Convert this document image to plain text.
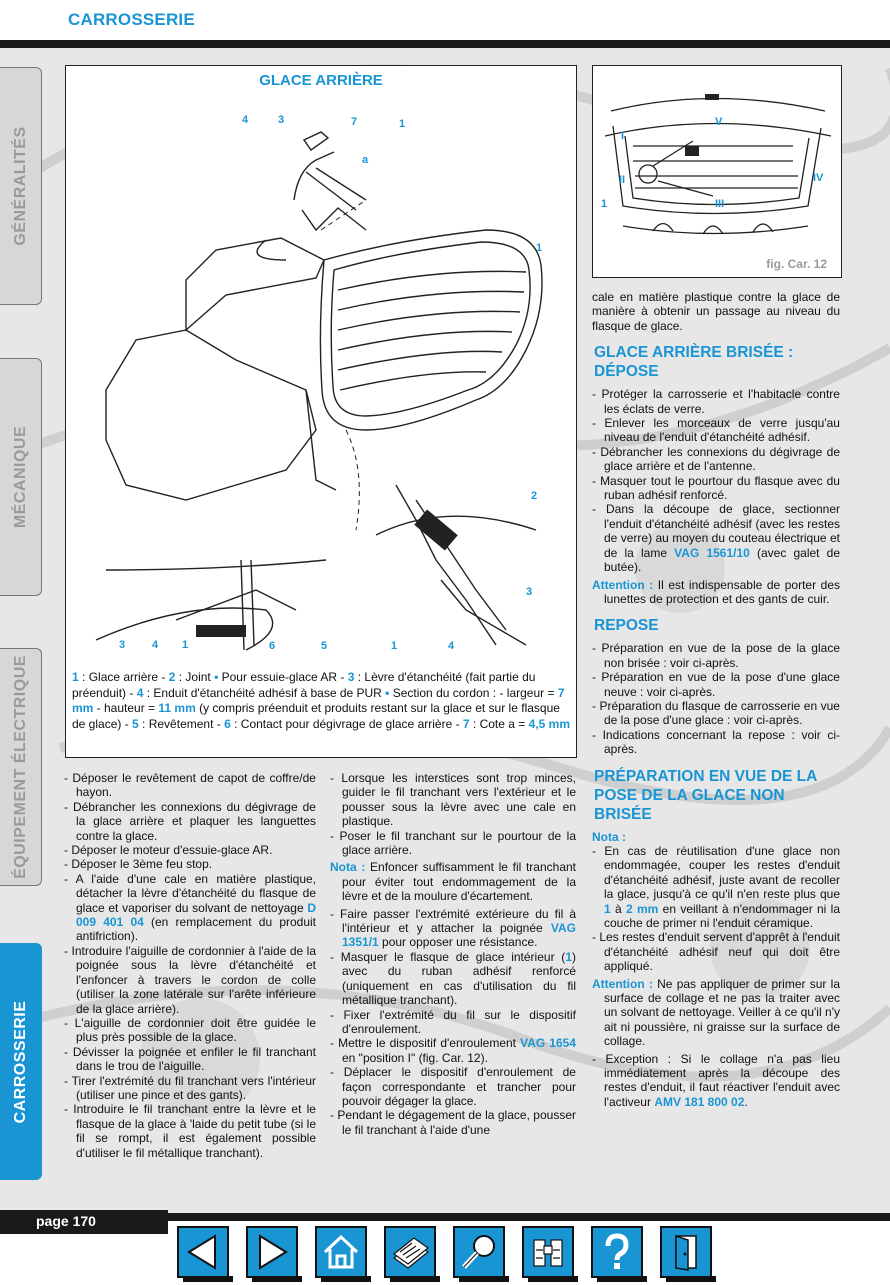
CARROSSERIE
GÉNÉRALITÉS
MÉCANIQUE
ÉQUIPEMENT ÉLECTRIQUE
CARROSSERIE
GLACE ARRIÈRE
4	3	7	1
a
1
2
3
3 4 1	6	5	1	4
1 : Glace arrière - 2 : Joint • Pour essuie-glace AR - 3 : Lèvre d'étanchéité (fait partie du préenduit) - 4 : Enduit d'étanchéité adhésif à base de PUR • Section du cordon : - largeur = 7 mm - hauteur = 11 mm (y compris préenduit et produits restant sur la glace et sur le flasque de glace) - 5 : Revêtement - 6 : Contact pour dégivrage de glace arrière - 7 : Cote a = 4,5 mm
V
I
II
1	III
IV
fig. Car. 12
- Déposer le revêtement de capot de coffre/de hayon.
- Débrancher les connexions du dégivrage de la glace arrière et plaquer les languettes contre la glace.
- Déposer le moteur d'essuie-glace AR.
- Déposer le 3ème feu stop.
- A l'aide d'une cale en matière plastique, détacher la lèvre d'étanchéité du flasque de glace et vaporiser du solvant de nettoyage D 009 401 04 (en remplacement du produit antifriction).
- Introduire l'aiguille de cordonnier à l'aide de la poignée sous la lèvre d'étanchéité et l'enfoncer à travers le cordon de colle (utiliser la zone latérale sur l'arête inférieure de la glace arrière).
- L'aiguille de cordonnier doit être guidée le plus près possible de la glace.
- Dévisser la poignée et enfiler le fil tranchant dans le trou de l'aiguille.
- Tirer l'extrémité du fil tranchant vers l'intérieur (utiliser une pince et des gants).
- Introduire le fil tranchant entre la lèvre et le flasque de la glace à 'laide du petit tube (si le fil se rompt, il est également possible d'utiliser le fil métallique tranchant).
- Lorsque les interstices sont trop minces, guider le fil tranchant vers l'extérieur et le pousser sous la lèvre avec une cale en plastique.
- Poser le fil tranchant sur le pourtour de la glace arrière.
Nota : Enfoncer suffisamment le fil tranchant pour éviter tout endommagement de la lèvre et de la moulure d'écartement.
- Faire passer l'extrémité extérieure du fil à l'intérieur et y attacher la poignée VAG 1351/1 pour opposer une résistance.
- Masquer le flasque de glace intérieur (1) avec du ruban adhésif renforcé (uniquement en cas d'utilisation du fil métallique tranchant).
- Fixer l'extrémité du fil sur le dispositif d'enroulement.
- Mettre le dispositif d'enroulement VAG 1654 en "position I" (fig. Car. 12).
- Déplacer le dispositif d'enroulement de façon correspondante et trancher pour pouvoir dégager la glace.
- Pendant le dégagement de la glace, pousser le fil tranchant à l'aide d'une

cale en matière plastique contre la glace de manière à obtenir un passage au niveau du flasque de glace.

GLACE ARRIÈRE BRISÉE : DÉPOSE
- Protéger la carrosserie et l'habitacle contre les éclats de verre.
- Enlever les morceaux de verre jusqu'au niveau de l'enduit d'étanchéité adhésif.
- Débrancher les connexions du dégivrage de glace arrière et de l'antenne.
- Masquer tout le pourtour du flasque avec du ruban adhésif renforcé.
- Dans la découpe de glace, sectionner l'enduit d'étanchéité adhésif (avec les restes de verre) au moyen du couteau électrique et de la lame VAG 1561/10 (avec galet de butée).
Attention : Il est indispensable de porter des lunettes de protection et des gants de cuir.
REPOSE
- Préparation en vue de la pose de la glace non brisée : voir ci-après.
- Préparation en vue de la pose d'une glace neuve : voir ci-après.
- Préparation du flasque de carrosserie en vue de la pose d'une glace : voir ci-après.
- Indications concernant la repose : voir ci-après.
PRÉPARATION EN VUE DE LA POSE DE LA GLACE NON BRISÉE
Nota :
- En cas de réutilisation d'une glace non endommagée, couper les restes d'enduit d'étanchéité adhésif, juste avant de recoller la glace, jusqu'à ce qu'il n'en reste plus que 1 à 2 mm en veillant à n'endommager ni la couche de primer ni l'enduit céramique.
- Les restes d'enduit servent d'apprêt à l'enduit d'étanchéité adhésif neuf qui doit être appliqué.
Attention : Ne pas appliquer de primer sur la surface de collage et ne pas la traiter avec un solvant de nettoyage. Veiller à ce qu'il n'y ait ni poussière, ni graisse sur la surface de collage.
- Exception : Si le collage n'a pas lieu immédiatement après la découpe des restes d'enduit, il faut réactiver l'enduit avec l'activeur AMV 181 800 02.
page 170
